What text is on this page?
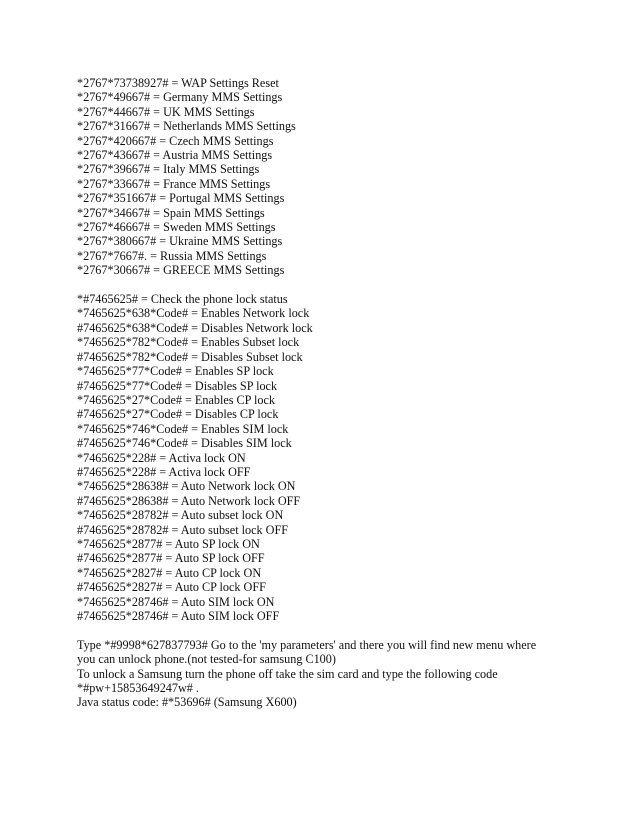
*2767*73738927# = WAP Settings Reset
*2767*49667# = Germany MMS Settings
*2767*44667# = UK MMS Settings
*2767*31667# = Netherlands MMS Settings
*2767*420667# = Czech MMS Settings
*2767*43667# = Austria MMS Settings
*2767*39667# = Italy MMS Settings
*2767*33667# = France MMS Settings
*2767*351667# = Portugal MMS Settings
*2767*34667# = Spain MMS Settings
*2767*46667# = Sweden MMS Settings
*2767*380667# = Ukraine MMS Settings
*2767*7667#. = Russia MMS Settings
*2767*30667# = GREECE MMS Settings
*#7465625# = Check the phone lock status
*7465625*638*Code# = Enables Network lock
#7465625*638*Code# = Disables Network lock
*7465625*782*Code# = Enables Subset lock
#7465625*782*Code# = Disables Subset lock
*7465625*77*Code# = Enables SP lock
#7465625*77*Code# = Disables SP lock
*7465625*27*Code# = Enables CP lock
#7465625*27*Code# = Disables CP lock
*7465625*746*Code# = Enables SIM lock
#7465625*746*Code# = Disables SIM lock
*7465625*228# = Activa lock ON
#7465625*228# = Activa lock OFF
*7465625*28638# = Auto Network lock ON
#7465625*28638# = Auto Network lock OFF
*7465625*28782# = Auto subset lock ON
#7465625*28782# = Auto subset lock OFF
*7465625*2877# = Auto SP lock ON
#7465625*2877# = Auto SP lock OFF
*7465625*2827# = Auto CP lock ON
#7465625*2827# = Auto CP lock OFF
*7465625*28746# = Auto SIM lock ON
#7465625*28746# = Auto SIM lock OFF
Type *#9998*627837793# Go to the 'my parameters' and there you will find new menu where
you can unlock phone.(not tested-for samsung C100)
To unlock a Samsung turn the phone off take the sim card and type the following code
*#pw+15853649247w# .
Java status code: #*53696# (Samsung X600)
